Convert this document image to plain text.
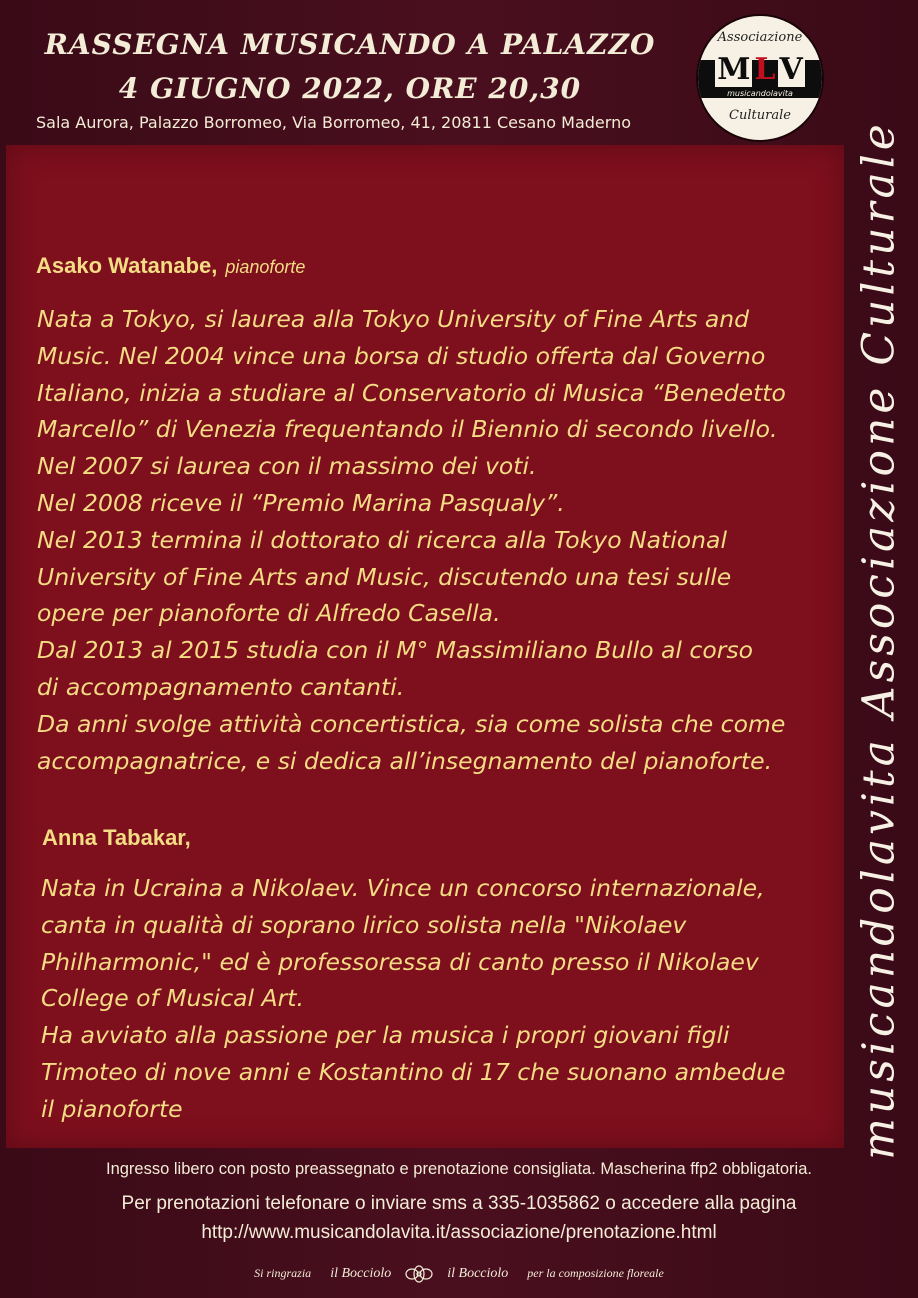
RASSEGNA MUSICANDO A PALAZZO
4 GIUGNO 2022, ORE 20,30
Sala Aurora, Palazzo Borromeo, Via Borromeo, 41, 20811 Cesano Maderno
Associazione
M L V
musicandolavita
Culturale
Asako Watanabe, pianoforte
Nata a Tokyo, si laurea alla Tokyo University of Fine Arts and
Music. Nel 2004 vince una borsa di studio offerta dal Governo
Italiano, inizia a studiare al Conservatorio di Musica “Benedetto
Marcello” di Venezia frequentando il Biennio di secondo livello.
Nel 2007 si laurea con il massimo dei voti.
Nel 2008 riceve il “Premio Marina Pasqualy”.
Nel 2013 termina il dottorato di ricerca alla Tokyo National
University of Fine Arts and Music, discutendo una tesi sulle
opere per pianoforte di Alfredo Casella.
Dal 2013 al 2015 studia con il M° Massimiliano Bullo al corso
di accompagnamento cantanti.
Da anni svolge attività concertistica, sia come solista che come
accompagnatrice, e si dedica all’insegnamento del pianoforte.
Anna Tabakar,
Nata in Ucraina a Nikolaev. Vince un concorso internazionale,
canta in qualità di soprano lirico solista nella "Nikolaev
Philharmonic," ed è professoressa di canto presso il Nikolaev
College of Musical Art.
Ha avviato alla passione per la musica i propri giovani figli
Timoteo di nove anni e Kostantino di 17 che suonano ambedue
il pianoforte	musicandolavita Associazione Culturale
Ingresso libero con posto preassegnato e prenotazione consigliata. Mascherina ffp2 obbligatoria.
Per prenotazioni telefonare o inviare sms a 335-1035862 o accedere alla pagina
http://www.musicandolavita.it/associazione/prenotazione.html
Si ringrazia il Bocciolo	il Bocciolo per la composizione floreale
